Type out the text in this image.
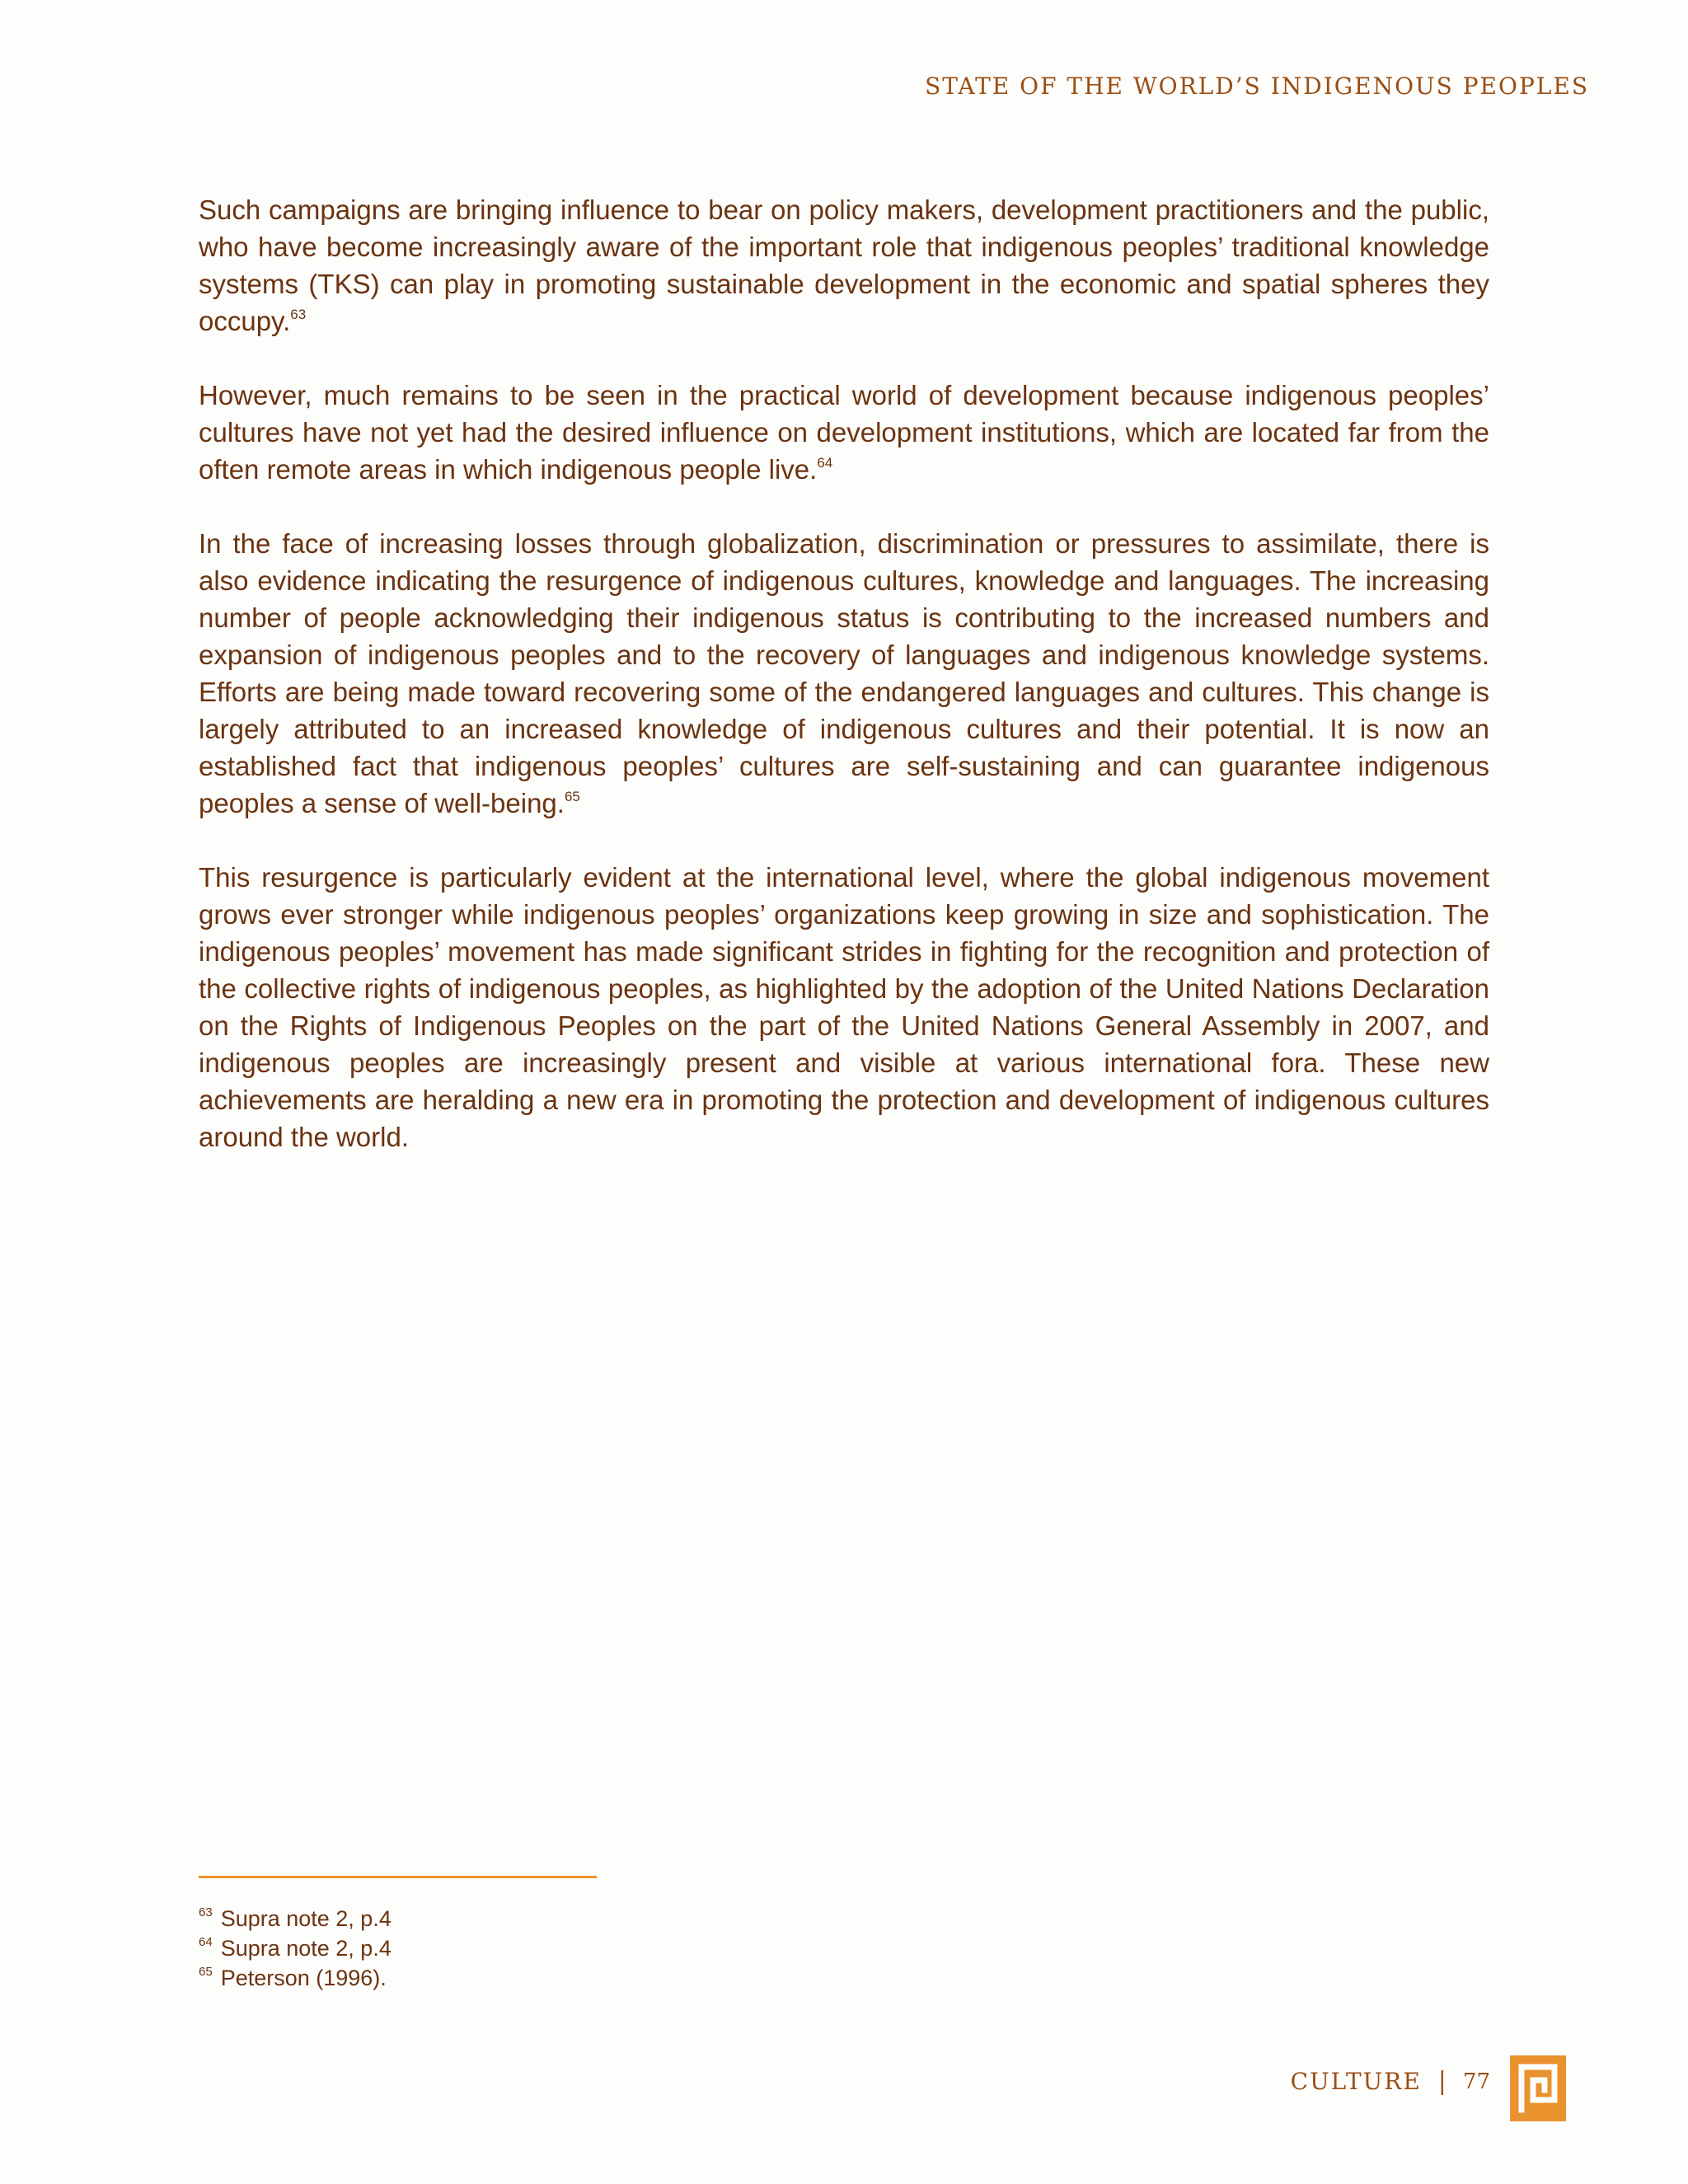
STATE OF THE WORLD’S INDIGENOUS PEOPLES

Such campaigns are bringing influence to bear on policy makers, development practitioners and the public, who have become increasingly aware of the important role that indigenous peoples’ traditional knowledge systems (TKS) can play in promoting sustainable development in the economic and spatial spheres they occupy.$^{63}$

However, much remains to be seen in the practical world of development because indigenous peoples’ cultures have not yet had the desired influence on development institutions, which are located far from the often remote areas in which indigenous people live.$^{64}$

In the face of increasing losses through globalization, discrimination or pressures to assimilate, there is also evidence indicating the resurgence of indigenous cultures, knowledge and languages. The increasing number of people acknowledging their indigenous status is contributing to the increased numbers and expansion of indigenous peoples and to the recovery of languages and indigenous knowledge systems. Efforts are being made toward recovering some of the endangered languages and cultures. This change is largely attributed to an increased knowledge of indigenous cultures and their potential. It is now an established fact that indigenous peoples’ cultures are self-sustaining and can guarantee indigenous peoples a sense of well-being.$^{65}$

This resurgence is particularly evident at the international level, where the global indigenous movement grows ever stronger while indigenous peoples’ organizations keep growing in size and sophistication. The indigenous peoples’ movement has made significant strides in fighting for the recognition and protection of the collective rights of indigenous peoples, as highlighted by the adoption of the United Nations Declaration on the Rights of Indigenous Peoples on the part of the United Nations General Assembly in 2007, and indigenous peoples are increasingly present and visible at various international fora. These new achievements are heralding a new era in promoting the protection and development of indigenous cultures around the world.

$^{63}$ Supra note 2, p.4
$^{64}$ Supra note 2, p.4
$^{65}$ Peterson (1996).
CULTURE | 77
